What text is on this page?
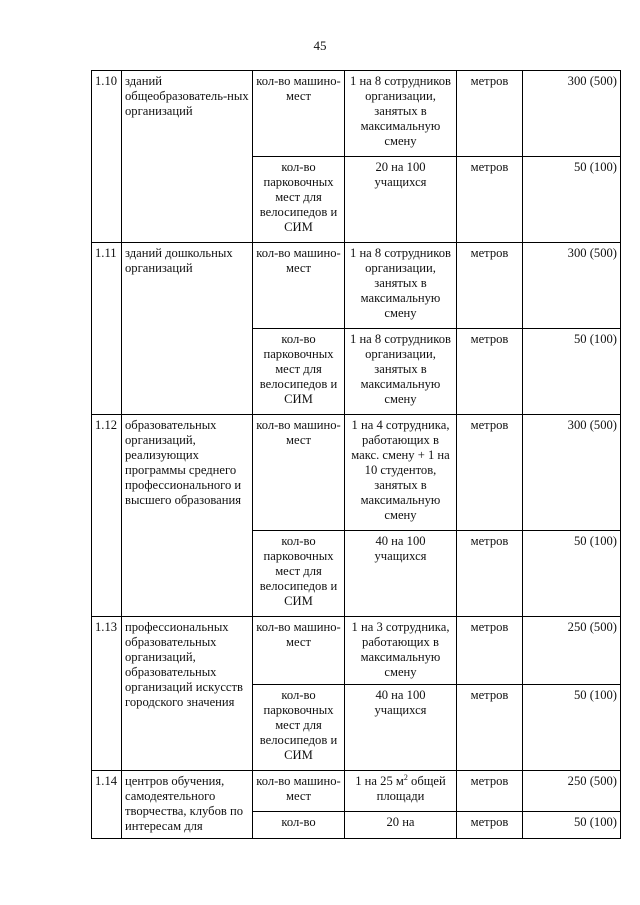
45
1.10	зданий общеобразователь-ных организаций	кол-во машино-мест	1 на 8 сотрудников организации, занятых в максимальную смену	метров	300 (500)
		кол-во парковочных мест для велосипедов и СИМ	20 на 100 учащихся	метров	50 (100)
1.11	зданий дошкольных организаций	кол-во машино-мест	1 на 8 сотрудников организации, занятых в максимальную смену	метров	300 (500)
		кол-во парковочных мест для велосипедов и СИМ	1 на 8 сотрудников организации, занятых в максимальную смену	метров	50 (100)
1.12	образовательных организаций, реализующих программы среднего профессионального и высшего образования	кол-во машино-мест	1 на 4 сотрудника, работающих в макс. смену + 1 на 10 студентов, занятых в максимальную смену	метров	300 (500)
		кол-во парковочных мест для велосипедов и СИМ	40 на 100 учащихся	метров	50 (100)
1.13	профессиональных образовательных организаций, образовательных организаций искусств городского значения	кол-во машино-мест	1 на 3 сотрудника, работающих в максимальную смену	метров	250 (500)
		кол-во парковочных мест для велосипедов и СИМ	40 на 100 учащихся	метров	50 (100)
1.14	центров обучения, самодеятельного творчества, клубов по интересам для	кол-во машино-мест	1 на 25 $м^2$ общей площади	метров	250 (500)
		кол-во	20 на	метров	50 (100)
